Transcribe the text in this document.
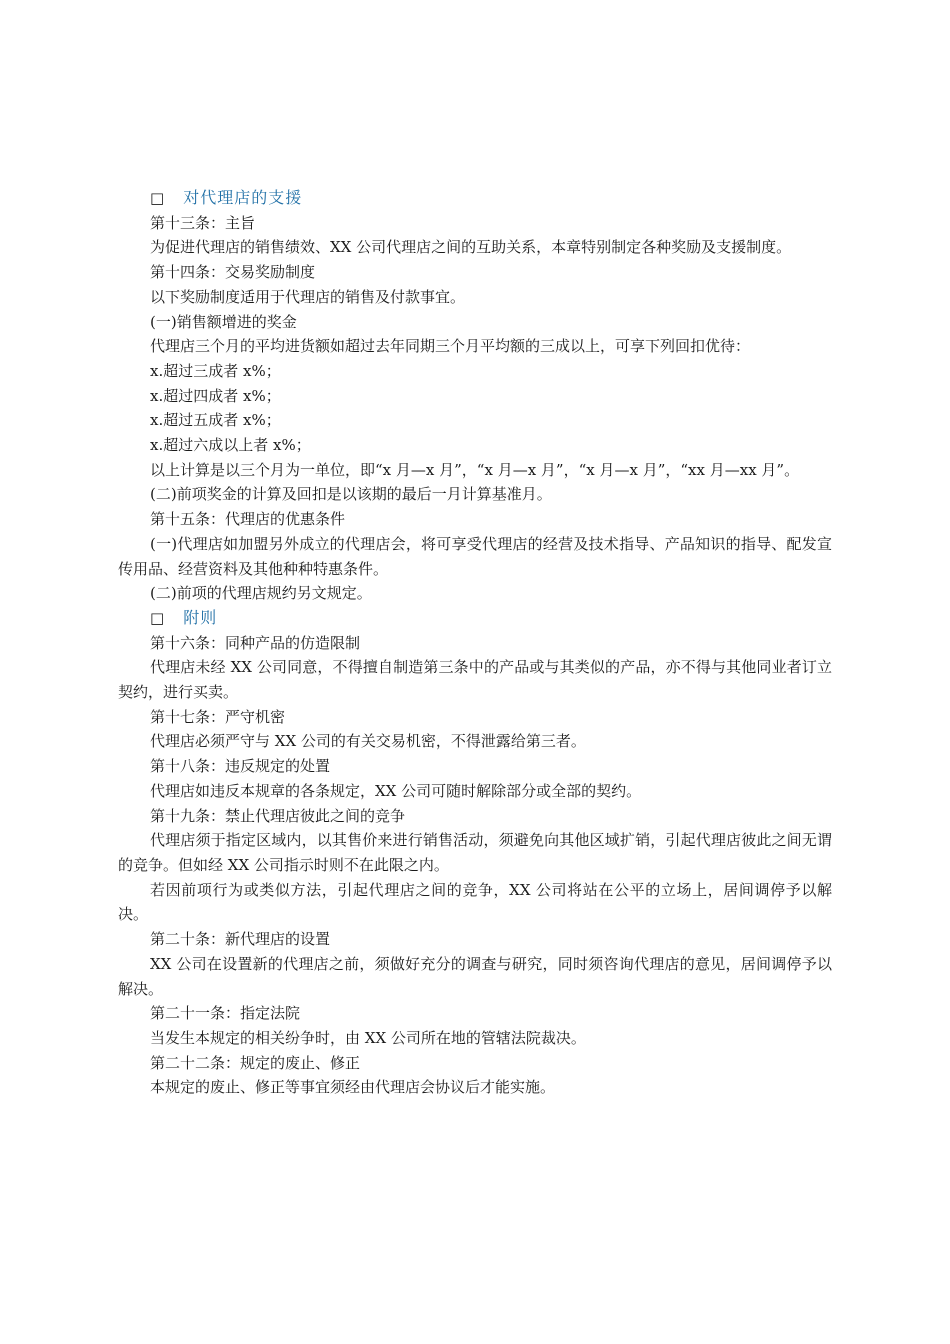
□ 对代理店的支援
第十三条：主旨
为促进代理店的销售绩效、XX 公司代理店之间的互助关系，本章特别制定各种奖励及支援制度。
第十四条：交易奖励制度
以下奖励制度适用于代理店的销售及付款事宜。
(一)销售额增进的奖金
代理店三个月的平均进货额如超过去年同期三个月平均额的三成以上，可享下列回扣优待：
x.超过三成者 x%；
x.超过四成者 x%；
x.超过五成者 x%；
x.超过六成以上者 x%；
以上计算是以三个月为一单位，即“x 月—x 月”，“x 月—x 月”，“x 月—x 月”，“xx 月—xx 月”。
(二)前项奖金的计算及回扣是以该期的最后一月计算基准月。
第十五条：代理店的优惠条件
(一)代理店如加盟另外成立的代理店会，将可享受代理店的经营及技术指导、产品知识的指导、配发宣传用品、经营资料及其他种种特惠条件。
(二)前项的代理店规约另文规定。
□ 附则
第十六条：同种产品的仿造限制
代理店未经 XX 公司同意，不得擅自制造第三条中的产品或与其类似的产品，亦不得与其他同业者订立契约，进行买卖。
第十七条：严守机密
代理店必须严守与 XX 公司的有关交易机密，不得泄露给第三者。
第十八条：违反规定的处置
代理店如违反本规章的各条规定，XX 公司可随时解除部分或全部的契约。
第十九条：禁止代理店彼此之间的竞争
代理店须于指定区域内，以其售价来进行销售活动，须避免向其他区域扩销，引起代理店彼此之间无谓的竞争。但如经 XX 公司指示时则不在此限之内。
若因前项行为或类似方法，引起代理店之间的竞争，XX 公司将站在公平的立场上，居间调停予以解决。
第二十条：新代理店的设置
XX 公司在设置新的代理店之前，须做好充分的调查与研究，同时须咨询代理店的意见，居间调停予以解决。
第二十一条：指定法院
当发生本规定的相关纷争时，由 XX 公司所在地的管辖法院裁决。
第二十二条：规定的废止、修正
本规定的废止、修正等事宜须经由代理店会协议后才能实施。
